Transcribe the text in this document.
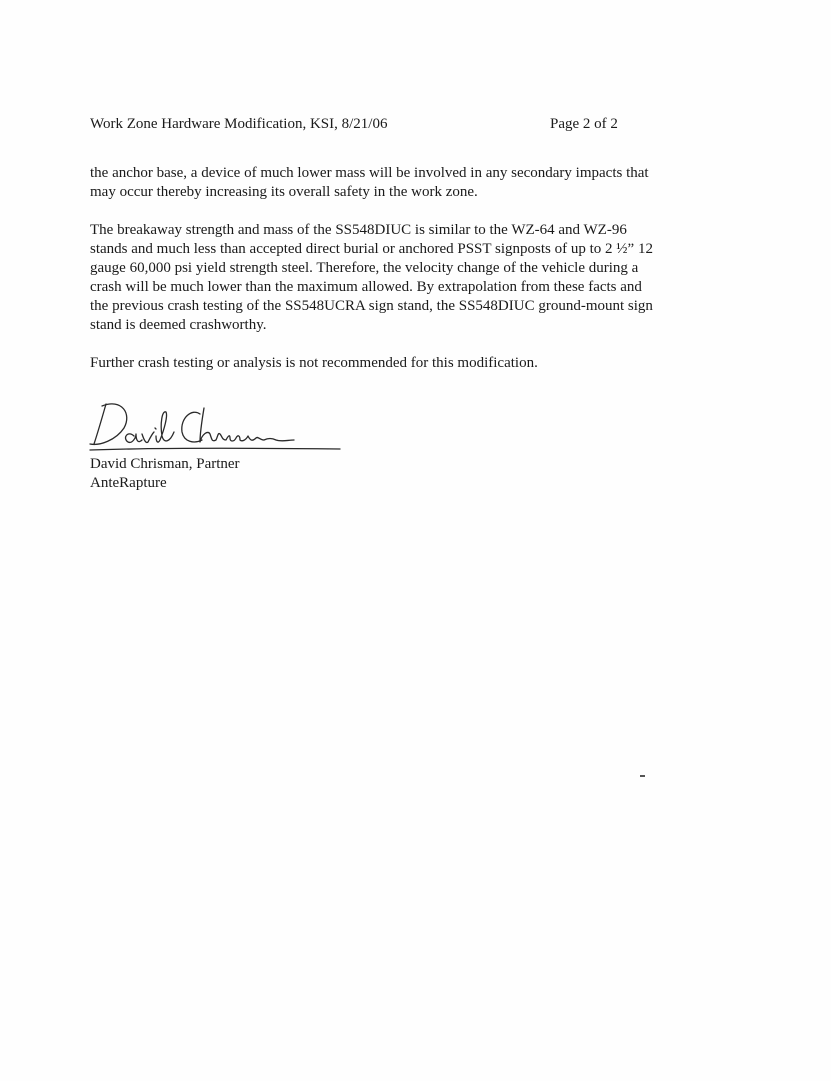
Work Zone Hardware Modification, KSI, 8/21/06	Page 2 of 2

the anchor base, a device of much lower mass will be involved in any secondary impacts that
may occur thereby increasing its overall safety in the work zone.

The breakaway strength and mass of the SS548DIUC is similar to the WZ-64 and WZ-96
stands and much less than accepted direct burial or anchored PSST signposts of up to 2 ½” 12
gauge 60,000 psi yield strength steel. Therefore, the velocity change of the vehicle during a
crash will be much lower than the maximum allowed. By extrapolation from these facts and
the previous crash testing of the SS548UCRA sign stand, the SS548DIUC ground-mount sign
stand is deemed crashworthy.

Further crash testing or analysis is not recommended for this modification.

David Chrisman, Partner
AnteRapture
